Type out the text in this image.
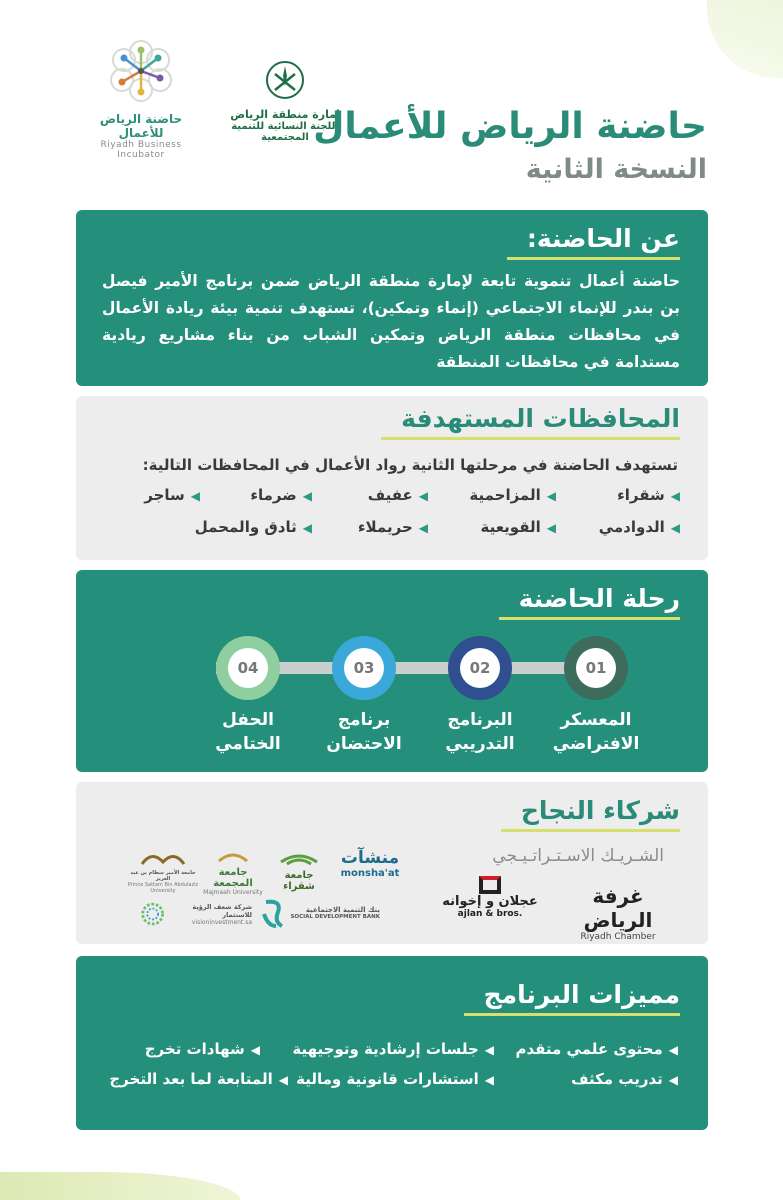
حاضنة الرياض للأعمال
Riyadh Business Incubator
إمارة منطقة الرياض
اللجنة النسائية للتنمية المجتمعية حاضنة الرياض للأعمال
النسخة الثانية
عن الحاضنة:

حاضنة أعمال تنموية تابعة لإمارة منطقة الرياض ضمن برنامج الأمير فيصل بن بندر للإنماء الاجتماعي (إنماء وتمكين)، تستهدف تنمية بيئة ريادة الأعمال في محافظات منطقة الرياض وتمكين الشباب من بناء مشاريع ريادية مستدامة في محافظات المنطقة

المحافظات المستهدفة

تستهدف الحاضنة في مرحلتها الثانية رواد الأعمال في المحافظات التالية:

◀شقراء
◀المزاحمية
◀عفيف
◀ضرماء
◀ساجر
◀الدوادمي
◀القويعية
◀حريملاء
◀ثادق والمحمل
رحلة الحاضنة
01
المعسكر
الافتراضي
02
البرنامج
التدريبي
03
برنامج
الاحتضان
04
الحفل
الختامي
شركاء النجاح
الشـريـك الاسـتـراتـيـجي
غرفة الرياض
Riyadh Chamber
عجلان و إخوانه
ajlan & bros.
منشآت
monsha'at
جامعة شقراء
جامعة المجمعة
Majmaah University
جامعة الأمير سطام بن عبد العزيز
Prince Sattam Bin Abdulaziz University
بنك التنمية الاجتماعية
SOCIAL DEVELOPMENT BANK
شركة شعف الرؤية للاستثمار
visioninvestment.sa
مميزات البرنامج
◀محتوى علمي متقدم
◀جلسات إرشادية وتوجيهية
◀شهادات تخرج
◀تدريب مكثف
◀استشارات قانونية ومالية
◀المتابعة لما بعد التخرج
